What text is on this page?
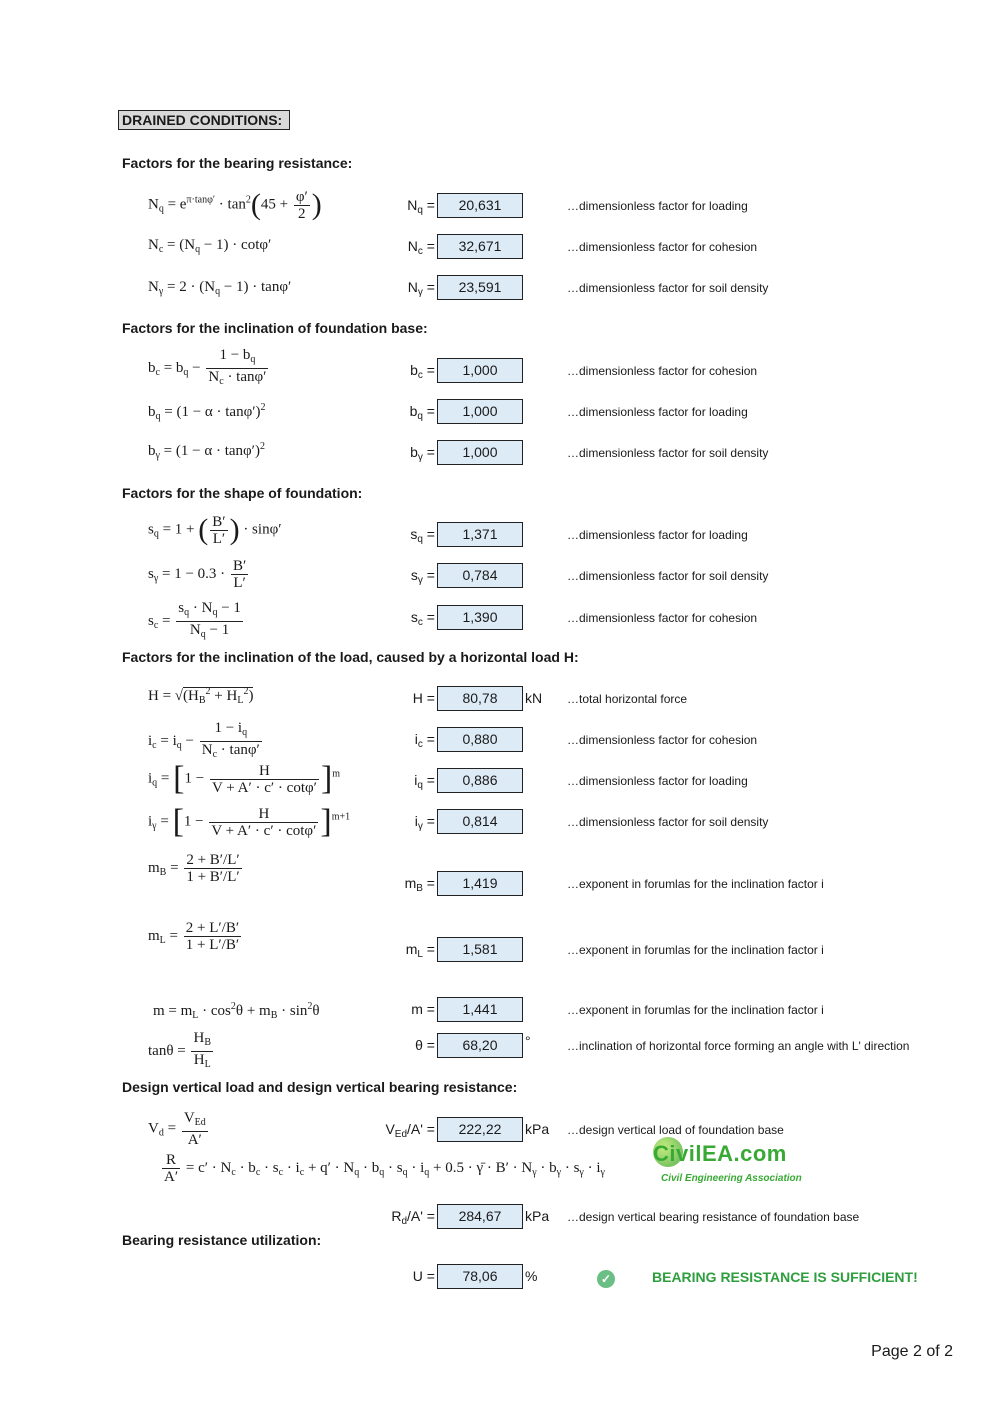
DRAINED CONDITIONS:
Factors for the bearing resistance:
Factors for the inclination of foundation base:
Factors for the shape of foundation:
Factors for the inclination of the load, caused by a horizontal load H:
Design vertical load and design vertical bearing resistance:
Bearing resistance utilization:
$N_q = e^{\pi\cdot tan\varphi'} \cdot \tan^2(45 + \frac{\varphi'}{2}$ )
$N_c = (N_q - 1) \cdot \cot\varphi'$
$N_\gamma = 2 \cdot (N_q - 1) \cdot \tan\varphi'$
$b_c = b_q - \frac{1 - b_q}{N_c \cdot \tan\varphi'}$
$b_q = (1 - \alpha \cdot \tan\varphi')^2$
$b_\gamma = (1 - \alpha \cdot \tan\varphi')^2$
$s_q = 1$ + ( $\frac{B'}{L'}$ ) · sinφ′
$s_\gamma = 1 - 0.3 \cdot \frac{B'}{L'}$
$s_c = \frac{s_q \cdot N_q - 1}{N_q - 1}$
$H = √(H_B^2 + H_L^2)$
$i_c = i_q - \frac{1 - i_q}{N_c \cdot \tan\varphi'}$
$i_q = [1 - \frac{H}{V + A' \cdot c' \cdot \cot\varphi'} ]^m$
$i_\gamma = [1 - \frac{H}{V + A' \cdot c' \cdot \cot\varphi'} ]^{m+1}$
$m_B = \frac{2 + B'/L'}{1 + B'/L'}$
$m_L = \frac{2 + L'/B'}{1 + L'/B'}$
$m = m_L \cdot \cos^2\theta + m_B \cdot \sin^2\theta$
$\tan\theta = \frac{H_B}{H_L}$
$V_d = \frac{V_{Ed}}{A'}$
$\frac{R}{A'} = c' \cdot N_c \cdot b_c \cdot s_c \cdot i_c + q' \cdot N_q \cdot b_q \cdot s_q \cdot i_q + 0.5$ · γ̄ · $B' \cdot N_\gamma \cdot b_\gamma \cdot s_\gamma \cdot i_\gamma$
$N_q$ =	20,631	…dimensionless factor for loading
$N_c$ =	32,671	…dimensionless factor for cohesion
$N_\gamma$ =	23,591	…dimensionless factor for soil density
$b_c$ =	1,000	…dimensionless factor for cohesion
$b_q$ =	1,000	…dimensionless factor for loading
$b_\gamma$ =	1,000	…dimensionless factor for soil density
$s_q$ =	1,371	…dimensionless factor for loading
$s_\gamma$ =	0,784	…dimensionless factor for soil density
$s_c$ =	1,390	…dimensionless factor for cohesion
H =	80,78	kN …total horizontal force
$i_c$ =	0,880	…dimensionless factor for cohesion
$i_q$ =	0,886	…dimensionless factor for loading
$i_\gamma$ =	0,814	…dimensionless factor for soil density
$m_B$ =	1,419	…exponent in forumlas for the inclination factor i
$m_L$ =	1,581	…exponent in forumlas for the inclination factor i
m =	1,441	…exponent in forumlas for the inclination factor i
θ =	68,20	°	…inclination of horizontal force forming an angle with L' direction
$V_{Ed}/A'$ =	222,22	kPa …design vertical load of foundation base
$R_d/A'$ =	284,67	kPa …design vertical bearing resistance of foundation base
U =	78,06	%	✓	BEARING RESISTANCE IS SUFFICIENT!
CivilEA.com
Civil Engineering Association
Page 2 of 2
